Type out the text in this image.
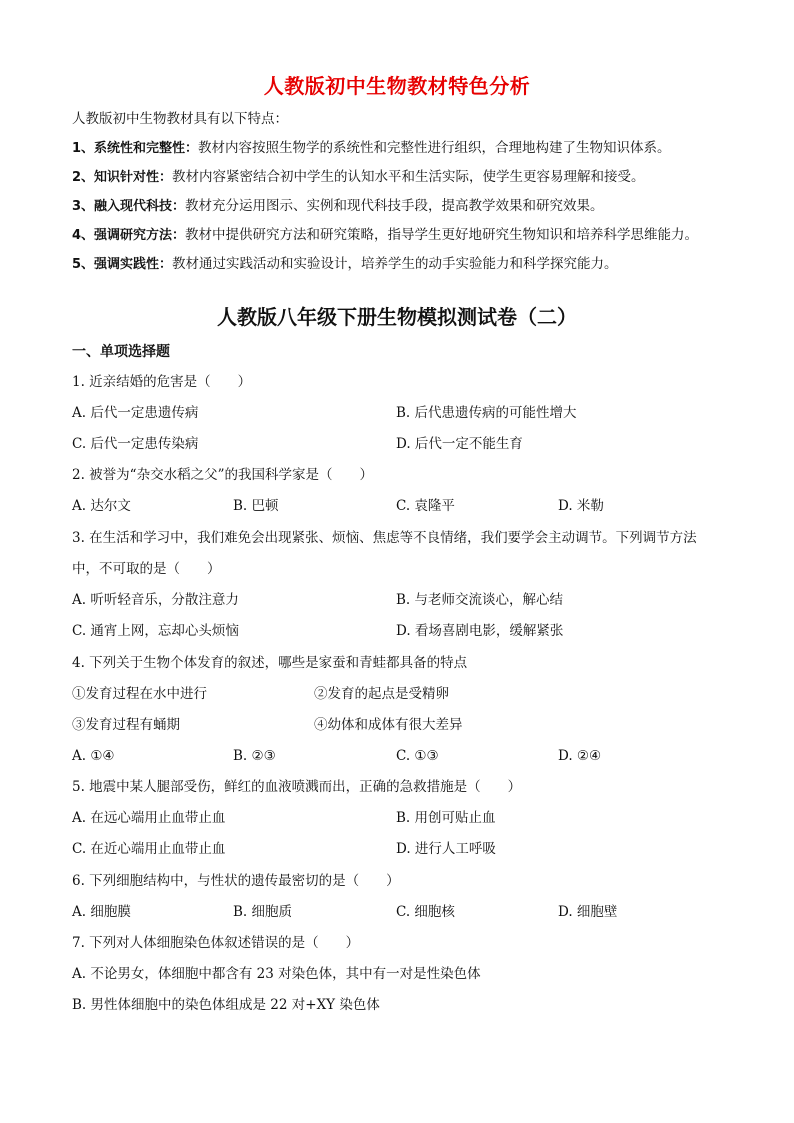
人教版初中生物教材特色分析
人教版初中生物教材具有以下特点：
1、系统性和完整性：教材内容按照生物学的系统性和完整性进行组织，合理地构建了生物知识体系。
2、知识针对性：教材内容紧密结合初中学生的认知水平和生活实际，使学生更容易理解和接受。
3、融入现代科技：教材充分运用图示、实例和现代科技手段，提高教学效果和研究效果。
4、强调研究方法：教材中提供研究方法和研究策略，指导学生更好地研究生物知识和培养科学思维能力。
5、强调实践性：教材通过实践活动和实验设计，培养学生的动手实验能力和科学探究能力。
人教版八年级下册生物模拟测试卷（二）
一、单项选择题
1. 近亲结婚的危害是（　　）
A. 后代一定患遗传病	B. 后代患遗传病的可能性增大
C. 后代一定患传染病	D. 后代一定不能生育
2. 被誉为“杂交水稻之父”的我国科学家是（　　）
A. 达尔文	B. 巴顿	C. 袁隆平	D. 米勒
3. 在生活和学习中，我们难免会出现紧张、烦恼、焦虑等不良情绪，我们要学会主动调节。下列调节方法
中，不可取的是（　　）
A. 听听轻音乐，分散注意力	B. 与老师交流谈心，解心结
C. 通宵上网，忘却心头烦恼	D. 看场喜剧电影，缓解紧张
4. 下列关于生物个体发育的叙述，哪些是家蚕和青蛙都具备的特点
①发育过程在水中进行	②发育的起点是受精卵
③发育过程有蛹期	④幼体和成体有很大差异
A. ①④	B. ②③	C. ①③	D. ②④
5. 地震中某人腿部受伤，鲜红的血液喷溅而出，正确的急救措施是（　　）
A. 在远心端用止血带止血	B. 用创可贴止血
C. 在近心端用止血带止血	D. 进行人工呼吸
6. 下列细胞结构中，与性状的遗传最密切的是（　　）
A. 细胞膜	B. 细胞质	C. 细胞核	D. 细胞壁
7. 下列对人体细胞染色体叙述错误的是（　　）
A. 不论男女，体细胞中都含有 23 对染色体，其中有一对是性染色体
B. 男性体细胞中的染色体组成是 22 对+XY 染色体
